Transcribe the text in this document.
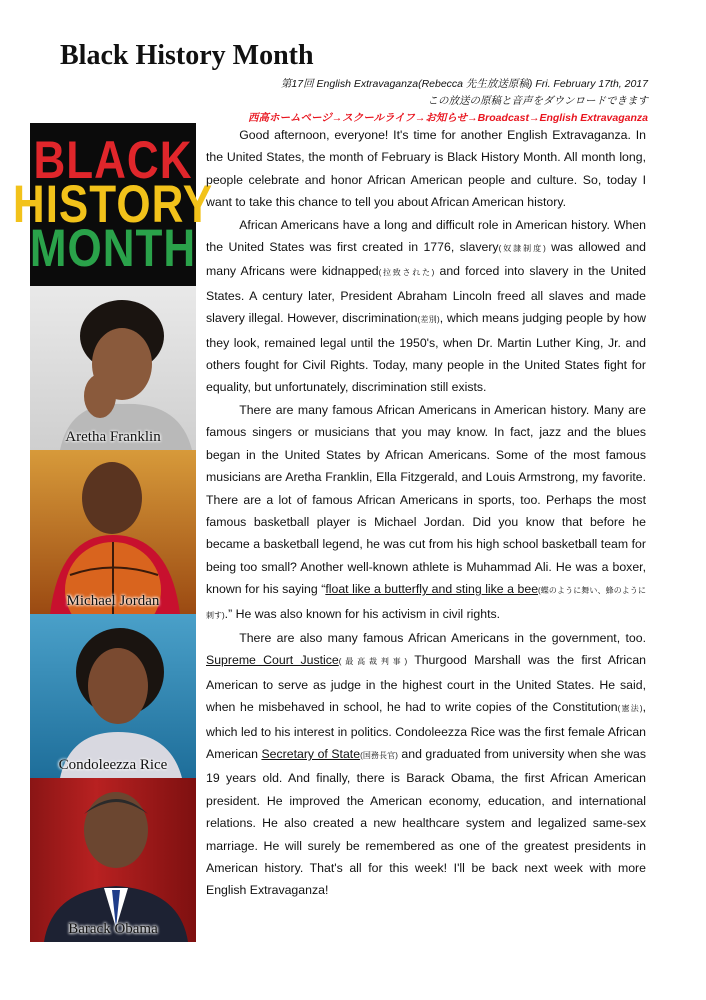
Black History Month
第17回 English Extravaganza(Rebecca 先生放送原稿) Fri. February 17th, 2017
この放送の原稿と音声をダウンロードできます
西高ホームページ→スクールライフ→お知らせ→Broadcast→English Extravaganza
BLACK
HISTORY
MONTH
Aretha Franklin
Michael Jordan
Condoleezza Rice
Barack Obama

Good afternoon, everyone! It's time for another English Extravaganza. In the United States, the month of February is Black History Month. All month long, people celebrate and honor African American people and culture. So, today I want to take this chance to tell you about African American history.

African Americans have a long and difficult role in American history. When the United States was first created in 1776, slavery(奴隷制度) was allowed and many Africans were kidnapped(拉致された) and forced into slavery in the United States. A century later, President Abraham Lincoln freed all slaves and made slavery illegal. However, discrimination(差別), which means judging people by how they look, remained legal until the 1950's, when Dr. Martin Luther King, Jr. and others fought for Civil Rights. Today, many people in the United States fight for equality, but unfortunately, discrimination still exists.

There are many famous African Americans in American history. Many are famous singers or musicians that you may know. In fact, jazz and the blues began in the United States by African Americans. Some of the most famous musicians are Aretha Franklin, Ella Fitzgerald, and Louis Armstrong, my favorite. There are a lot of famous African Americans in sports, too. Perhaps the most famous basketball player is Michael Jordan. Did you know that before he became a basketball legend, he was cut from his high school basketball team for being too small? Another well-known athlete is Muhammad Ali. He was a boxer, known for his saying “float like a butterfly and sting like a bee(蝶のように舞い、蜂のように刺す).” He was also known for his activism in civil rights.

There are also many famous African Americans in the government, too. Supreme Court Justice(最高裁判事) Thurgood Marshall was the first African American to serve as judge in the highest court in the United States. He said, when he misbehaved in school, he had to write copies of the Constitution(憲法), which led to his interest in politics. Condoleezza Rice was the first female African American Secretary of State(国務長官) and graduated from university when she was 19 years old. And finally, there is Barack Obama, the first African American president. He improved the American economy, education, and international relations. He also created a new healthcare system and legalized same-sex marriage. He will surely be remembered as one of the greatest presidents in American history. That's all for this week! I'll be back next week with more English Extravaganza!
